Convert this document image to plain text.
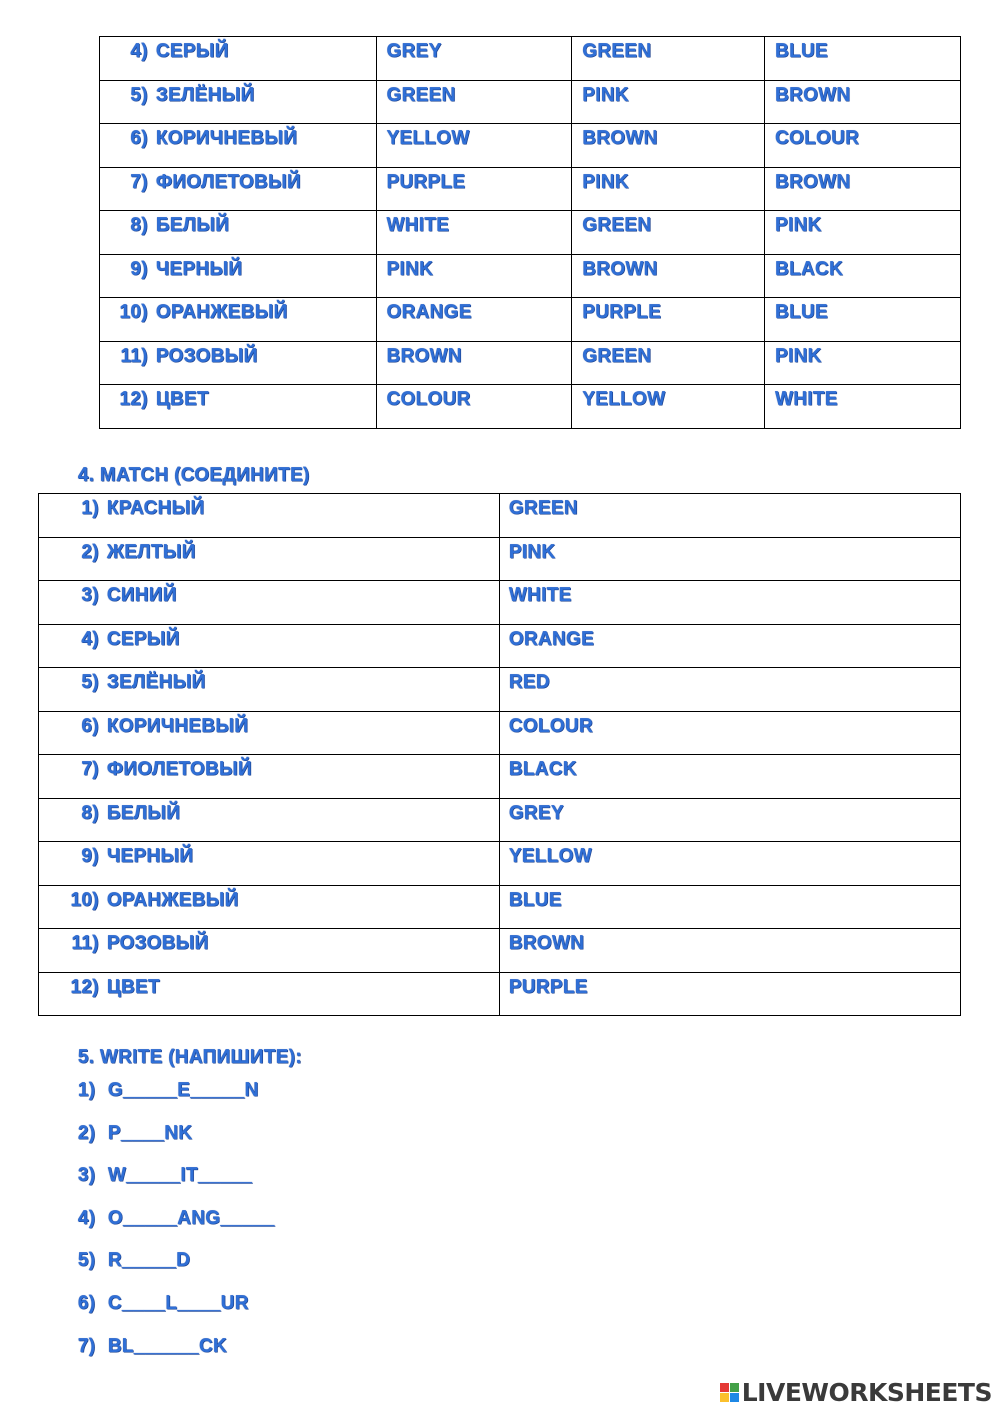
4) СЕРЫЙ	GREY	GREEN	BLUE
5) ЗЕЛЁНЫЙ	GREEN	PINK	BROWN
6) КОРИЧНЕВЫЙ	YELLOW	BROWN	COLOUR
7) ФИОЛЕТОВЫЙ	PURPLE	PINK	BROWN
8) БЕЛЫЙ	WHITE	GREEN	PINK
9) ЧЕРНЫЙ	PINK	BROWN	BLACK
10) ОРАНЖЕВЫЙ	ORANGE	PURPLE	BLUE
11) РОЗОВЫЙ	BROWN	GREEN	PINK
12) ЦВЕТ	COLOUR	YELLOW	WHITE
4. MATCH (СОЕДИНИТЕ)
1) КРАСНЫЙ	GREEN
2) ЖЕЛТЫЙ	PINK
3) СИНИЙ	WHITE
4) СЕРЫЙ	ORANGE
5) ЗЕЛЁНЫЙ	RED
6) КОРИЧНЕВЫЙ	COLOUR
7) ФИОЛЕТОВЫЙ	BLACK
8) БЕЛЫЙ	GREY
9) ЧЕРНЫЙ	YELLOW
10) ОРАНЖЕВЫЙ	BLUE
11) РОЗОВЫЙ	BROWN
12) ЦВЕТ	PURPLE
5. WRITE (НАПИШИТЕ):
1) G_____E_____N
2) P____NK
3) W_____IT_____
4) O_____ANG_____
5) R_____D
6) C____L____UR
7) BL______CK
LIVEWORKSHEETS
